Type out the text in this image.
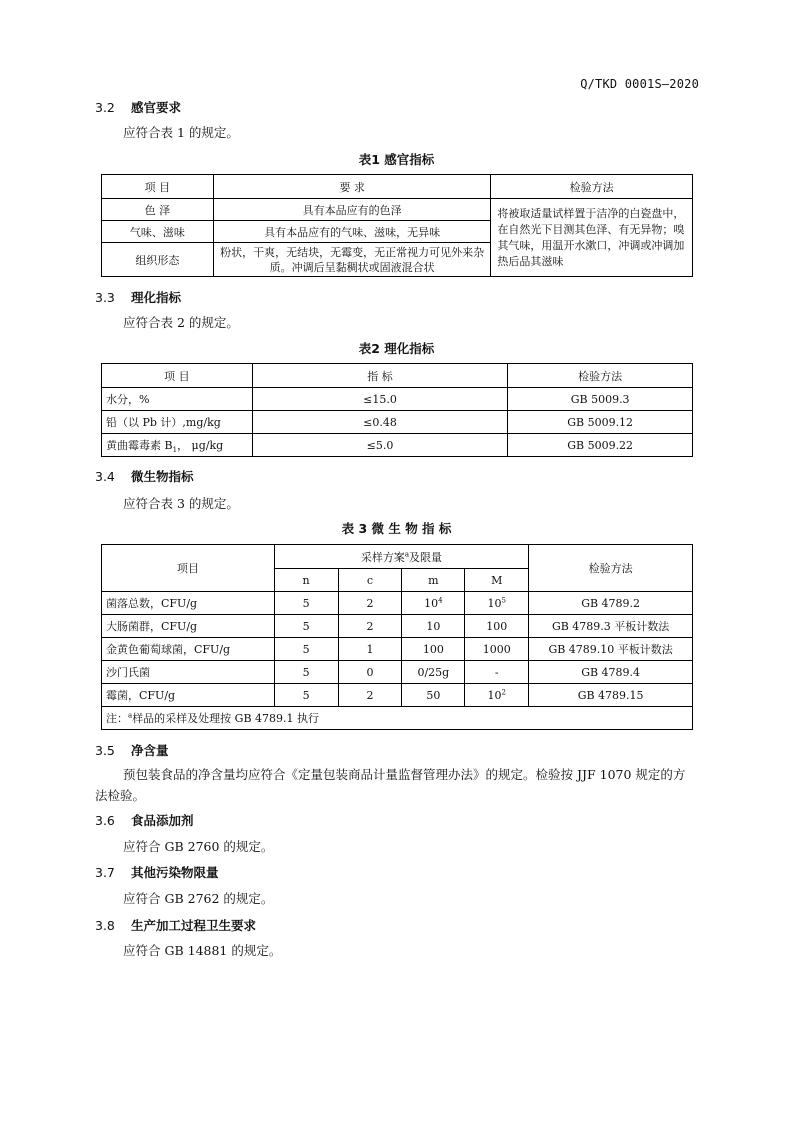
Q/TKD 0001S—2020
3.2 感官要求
应符合表 1 的规定。
表1 感官指标
项 目	要 求	检验方法
色 泽	具有本品应有的色泽	将被取适量试样置于洁净的白瓷盘中，在自然光下目测其色泽、有无异物；嗅其气味，用温开水漱口，冲调或冲调加热后品其滋味
气味、滋味	具有本品应有的气味、滋味，无异味	
组织形态	粉状，干爽，无结块，无霉变，无正常视力可见外来杂质。冲调后呈黏稠状或固液混合状	
3.3 理化指标
应符合表 2 的规定。
表2 理化指标
项 目	指 标	检验方法
水分，%	≤15.0	GB 5009.3
铅（以 Pb 计）,mg/kg	≤0.48	GB 5009.12
黄曲霉毒素 $B_1$， μg/kg	≤5.0	GB 5009.22
3.4 微生物指标
应符合表 3 的规定。
表 3 微 生 物 指 标
项目	采样方案$^a$及限量				检验方法
	n	c	m	M	
菌落总数，CFU/g	5	2	$10^4$	$10^5$	GB 4789.2
大肠菌群，CFU/g	5	2	10	100	GB 4789.3 平板计数法
金黄色葡萄球菌，CFU/g	5	1	100	1000	GB 4789.10 平板计数法
沙门氏菌	5	0	0/25g	-	GB 4789.4
霉菌，CFU/g	5	2	50	$10^2$	GB 4789.15
注：$^a$样品的采样及处理按 GB 4789.1 执行					
3.5 净含量
预包装食品的净含量均应符合《定量包装商品计量监督管理办法》的规定。检验按 JJF 1070 规定的方法检验。
3.6 食品添加剂
应符合 GB 2760 的规定。
3.7 其他污染物限量
应符合 GB 2762 的规定。
3.8 生产加工过程卫生要求
应符合 GB 14881 的规定。
